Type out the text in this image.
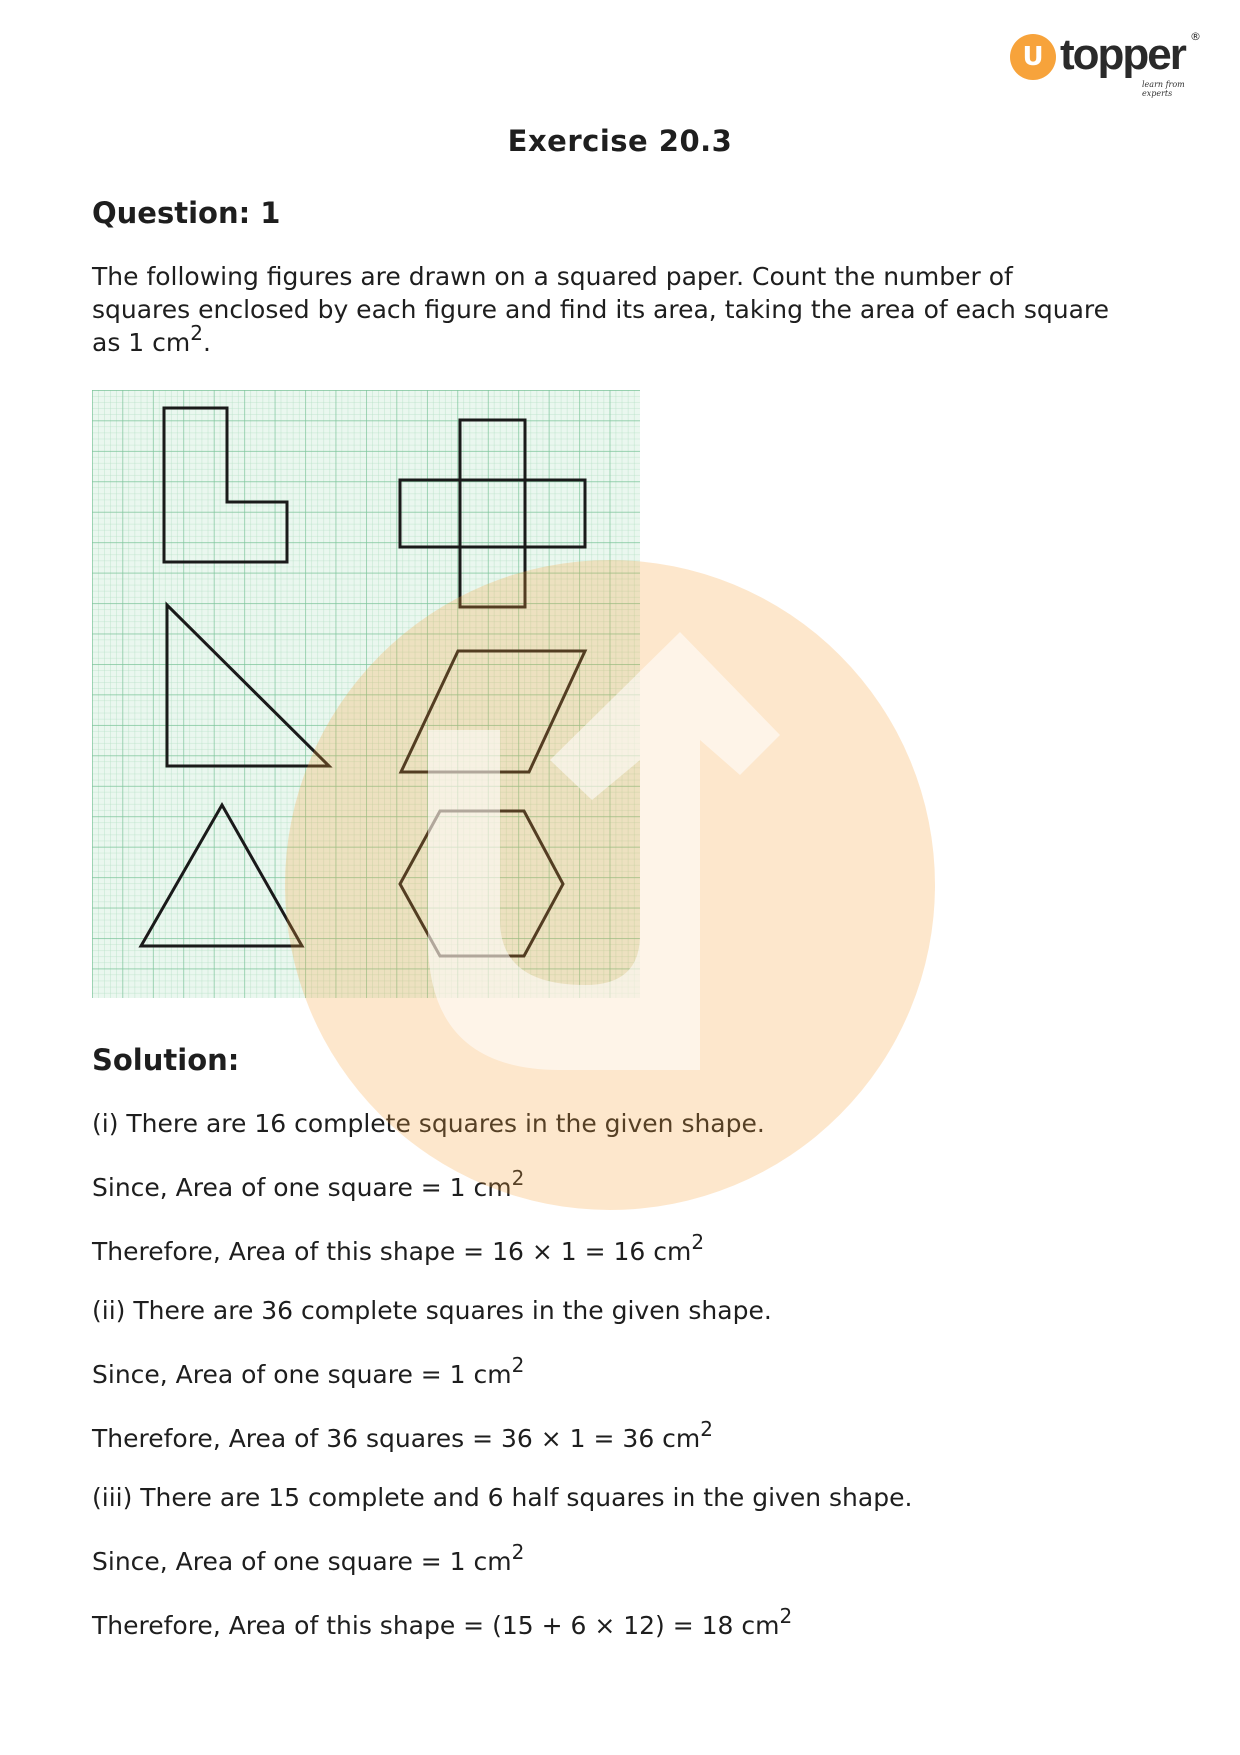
U topper ®
learn from experts
Exercise 20.3
Question: 1
The following figures are drawn on a squared paper. Count the number of
squares enclosed by each figure and find its area, taking the area of each square
as 1 $cm^2$.
Solution:
(i) There are 16 complete squares in the given shape.
Since, Area of one square = 1 $cm^2$
Therefore, Area of this shape = 16 × 1 = 16 $cm^2$
(ii) There are 36 complete squares in the given shape.
Since, Area of one square = 1 $cm^2$
Therefore, Area of 36 squares = 36 × 1 = 36 $cm^2$
(iii) There are 15 complete and 6 half squares in the given shape.
Since, Area of one square = 1 $cm^2$
Therefore, Area of this shape = (15 + 6 × 12) = 18 $cm^2$
